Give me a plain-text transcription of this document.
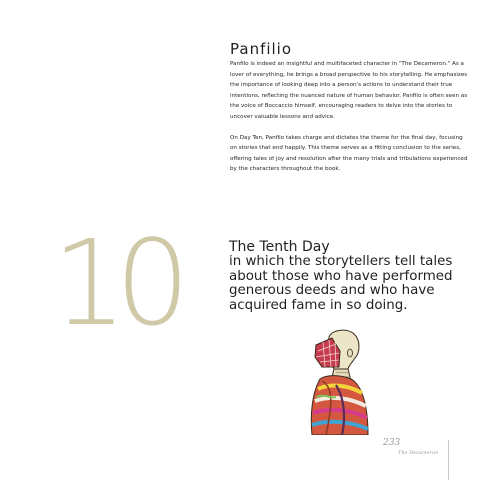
Panfilio

Panfilo is indeed an insightful and multifaceted character in "The Decameron." As a lover of everything, he brings a broad perspective to his storytelling. He emphasizes the importance of looking deep into a person's actions to understand their true intentions, reflecting the nuanced nature of human behavior. Panfilo is often seen as the voice of Boccaccio himself, encouraging readers to delve into the stories to uncover valuable lessons and advice.

On Day Ten, Panfilo takes charge and dictates the theme for the final day, focusing on stories that end happily. This theme serves as a fitting conclusion to the series, offering tales of joy and resolution after the many trials and tribulations experienced by the characters throughout the book.

10	The Tenth Day

in which the storytellers tell tales about those who have performed generous deeds and who have acquired fame in so doing.

233
The Decameron
